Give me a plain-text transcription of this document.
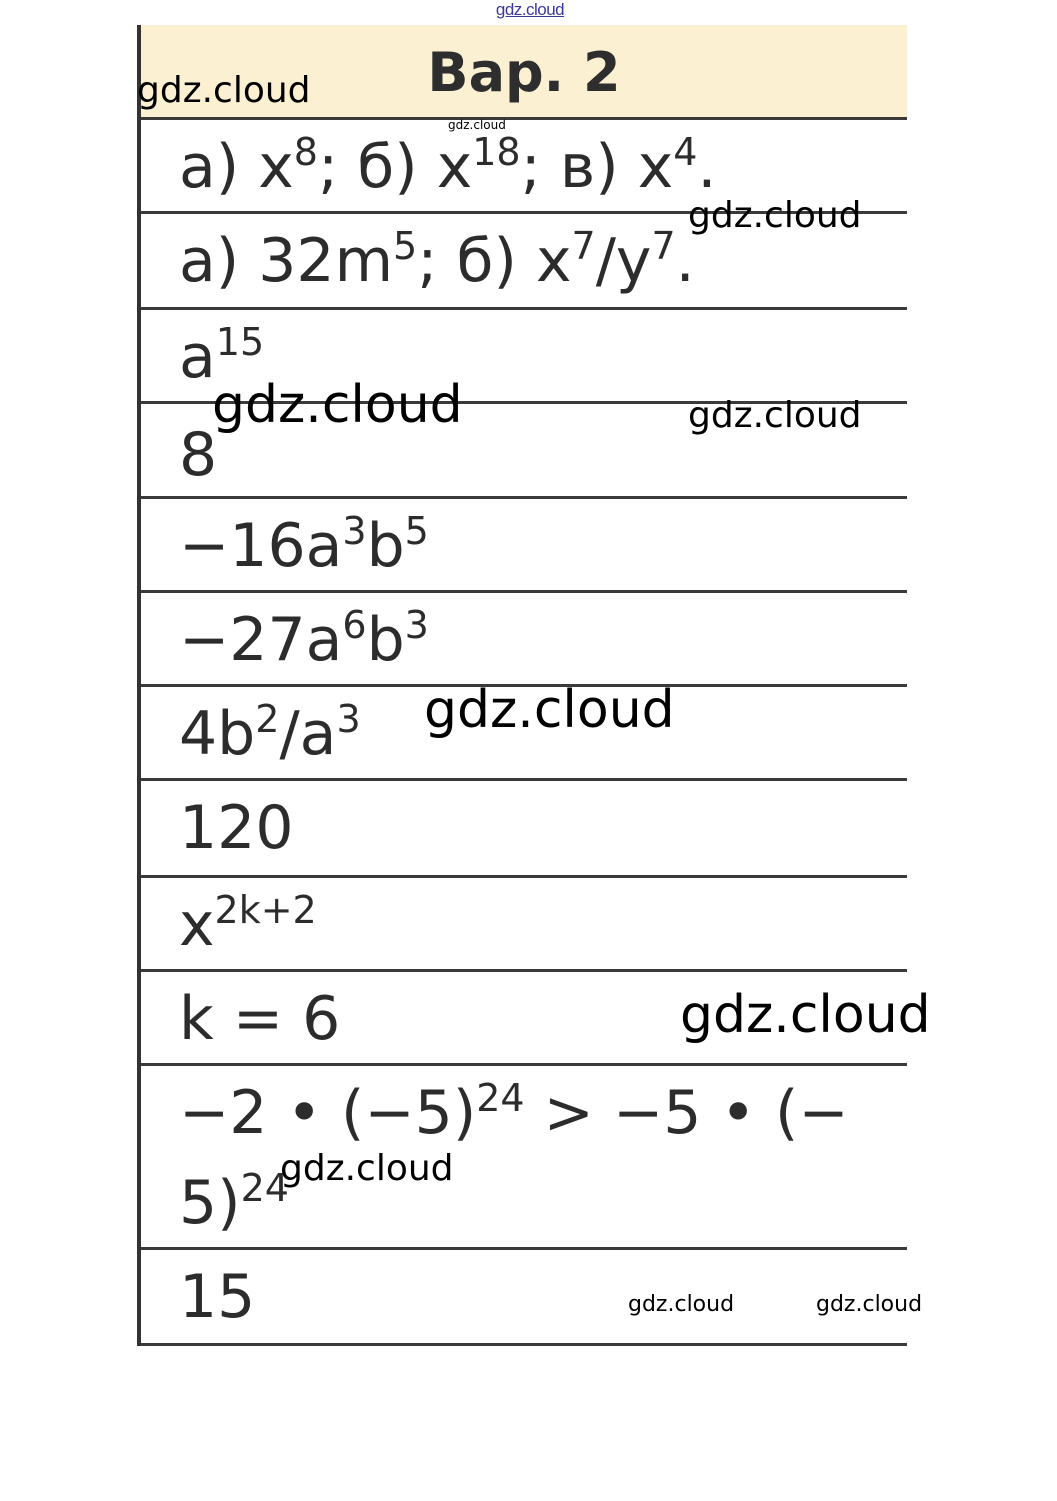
gdz.cloud
Вар. 2
а) $x^8$; б) $x^{18}$; в) $x^4$.
а) $32m^5$; б) $x^7/y^7$.
$a^{15}$
8
$-16a^3b^5$
$-27a^6b^3$
$4b^2/a^3$
120
$x^{2k+2}$
k = 6
−2 • $(-5)^{24} > -5$ • (−
5)$^{24}$
15
gdz.cloud
gdz.cloud
gdz.cloud
gdz.cloud	gdz.cloud
gdz.cloud
gdz.cloud
gdz.cloud
gdz.cloud	gdz.cloud
